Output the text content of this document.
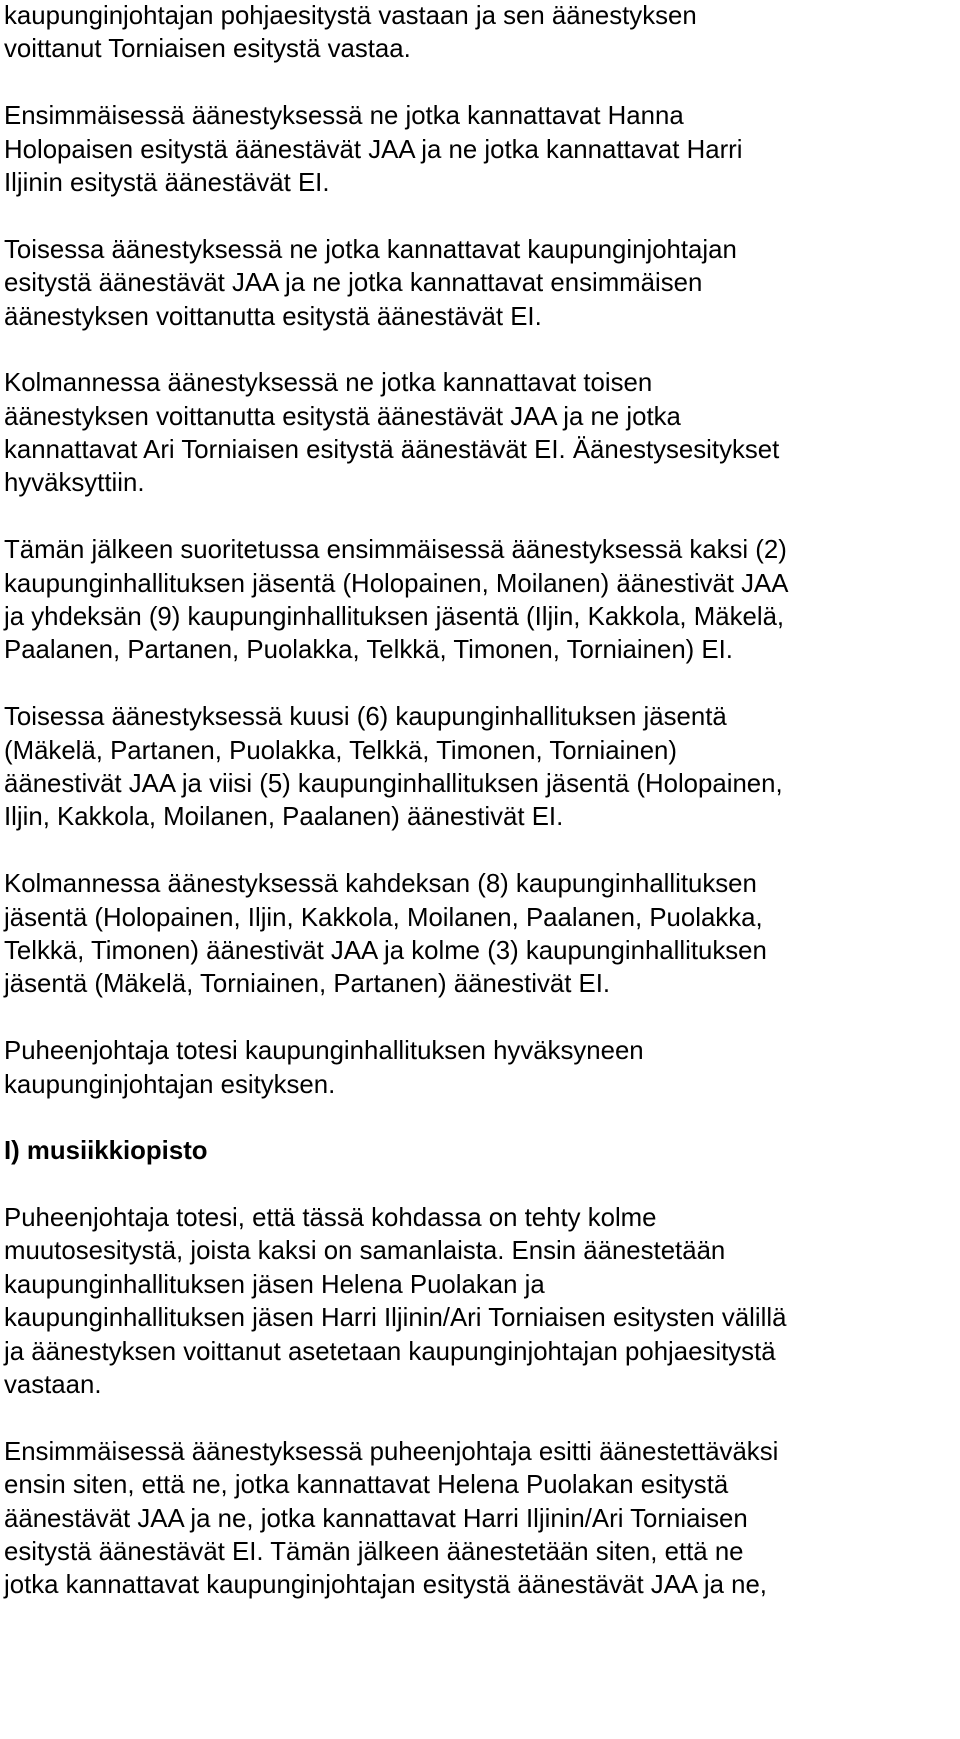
kaupunginjohtajan pohjaesitystä vastaan ja sen äänestyksen
voittanut Torniaisen esitystä vastaa.

Ensimmäisessä äänestyksessä ne jotka kannattavat Hanna
Holopaisen esitystä äänestävät JAA ja ne jotka kannattavat Harri
Iljinin esitystä äänestävät EI.

Toisessa äänestyksessä ne jotka kannattavat kaupunginjohtajan
esitystä äänestävät JAA ja ne jotka kannattavat ensimmäisen
äänestyksen voittanutta esitystä äänestävät EI.

Kolmannessa äänestyksessä ne jotka kannattavat toisen
äänestyksen voittanutta esitystä äänestävät JAA ja ne jotka
kannattavat Ari Torniaisen esitystä äänestävät EI. Äänestysesitykset
hyväksyttiin.

Tämän jälkeen suoritetussa ensimmäisessä äänestyksessä kaksi (2)
kaupunginhallituksen jäsentä (Holopainen, Moilanen) äänestivät JAA
ja yhdeksän (9) kaupunginhallituksen jäsentä (Iljin, Kakkola, Mäkelä,
Paalanen, Partanen, Puolakka, Telkkä, Timonen, Torniainen) EI.

Toisessa äänestyksessä kuusi (6) kaupunginhallituksen jäsentä
(Mäkelä, Partanen, Puolakka, Telkkä, Timonen, Torniainen)
äänestivät JAA ja viisi (5) kaupunginhallituksen jäsentä (Holopainen,
Iljin, Kakkola, Moilanen, Paalanen) äänestivät EI.

Kolmannessa äänestyksessä kahdeksan (8) kaupunginhallituksen
jäsentä (Holopainen, Iljin, Kakkola, Moilanen, Paalanen, Puolakka,
Telkkä, Timonen) äänestivät JAA ja kolme (3) kaupunginhallituksen
jäsentä (Mäkelä, Torniainen, Partanen) äänestivät EI.

Puheenjohtaja totesi kaupunginhallituksen hyväksyneen
kaupunginjohtajan esityksen.

I) musiikkiopisto

Puheenjohtaja totesi, että tässä kohdassa on tehty kolme
muutosesitystä, joista kaksi on samanlaista. Ensin äänestetään
kaupunginhallituksen jäsen Helena Puolakan ja
kaupunginhallituksen jäsen Harri Iljinin/Ari Torniaisen esitysten välillä
ja äänestyksen voittanut asetetaan kaupunginjohtajan pohjaesitystä
vastaan.

Ensimmäisessä äänestyksessä puheenjohtaja esitti äänestettäväksi
ensin siten, että ne, jotka kannattavat Helena Puolakan esitystä
äänestävät JAA ja ne, jotka kannattavat Harri Iljinin/Ari Torniaisen
esitystä äänestävät EI. Tämän jälkeen äänestetään siten, että ne
jotka kannattavat kaupunginjohtajan esitystä äänestävät JAA ja ne,
